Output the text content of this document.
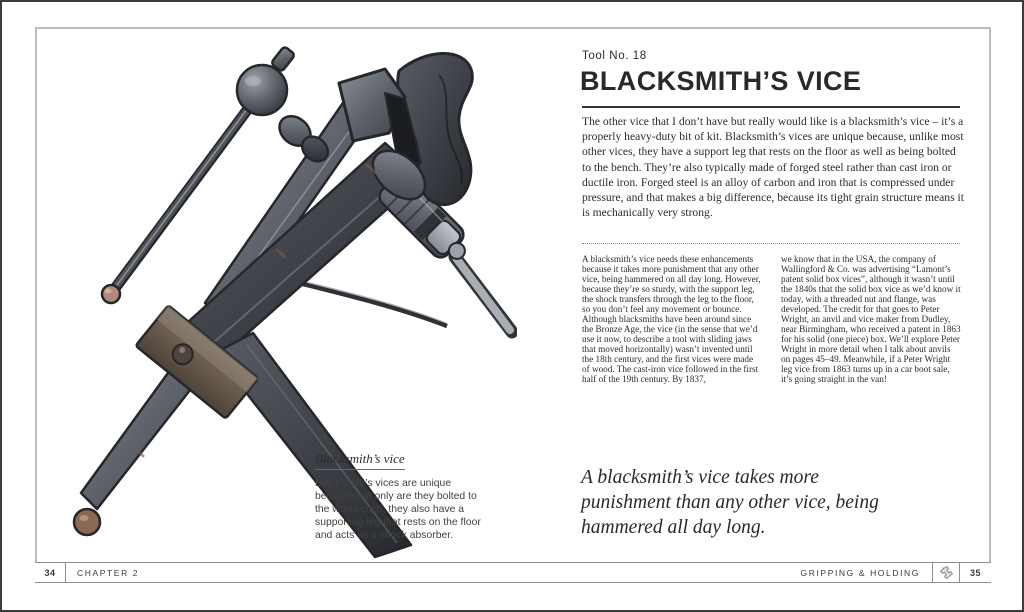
Blacksmith’s vice
Blacksmith’s vices are unique because not only are they bolted to the workbench, they also have a supporting leg that rests on the floor and acts as a shock absorber.
Tool No. 18
BLACKSMITH’S VICE

The other vice that I don’t have but really would like is a blacksmith’s vice – it’s a properly heavy-duty bit of kit. Blacksmith’s vices are unique because, unlike most other vices, they have a support leg that rests on the floor as well as being bolted to the bench. They’re also typically made of forged steel rather than cast iron or ductile iron. Forged steel is an alloy of carbon and iron that is compressed under pressure, and that makes a big difference, because its tight grain structure means it is mechanically very strong.

A blacksmith’s vice needs these enhancements because it takes more punishment that any other vice, being hammered on all day long. However, because they’re so sturdy, with the support leg, the shock transfers through the leg to the floor, so you don’t feel any movement or bounce. Although blacksmiths have been around since the Bronze Age, the vice (in the sense that we’d use it now, to describe a tool with sliding jaws that moved horizontally) wasn’t invented until the 18th century, and the first vices were made of wood. The cast-iron vice followed in the first half of the 19th century. By 1837,
we know that in the USA, the company of Wallingford & Co. was advertising “Lamont’s patent solid box vices”, although it wasn’t until the 1840s that the solid box vice as we’d know it today, with a threaded nut and flange, was developed. The credit for that goes to Peter Wright, an anvil and vice maker from Dudley, near Birmingham, who received a patent in 1863 for his solid (one piece) box. We’ll explore Peter Wright in more detail when I talk about anvils on pages 45–49. Meanwhile, if a Peter Wright leg vice from 1863 turns up in a car boot sale, it’s going straight in the van!
A blacksmith’s vice takes more punishment than any other vice, being hammered all day long.
34	CHAPTER 2	GRIPPING & HOLDING	35
